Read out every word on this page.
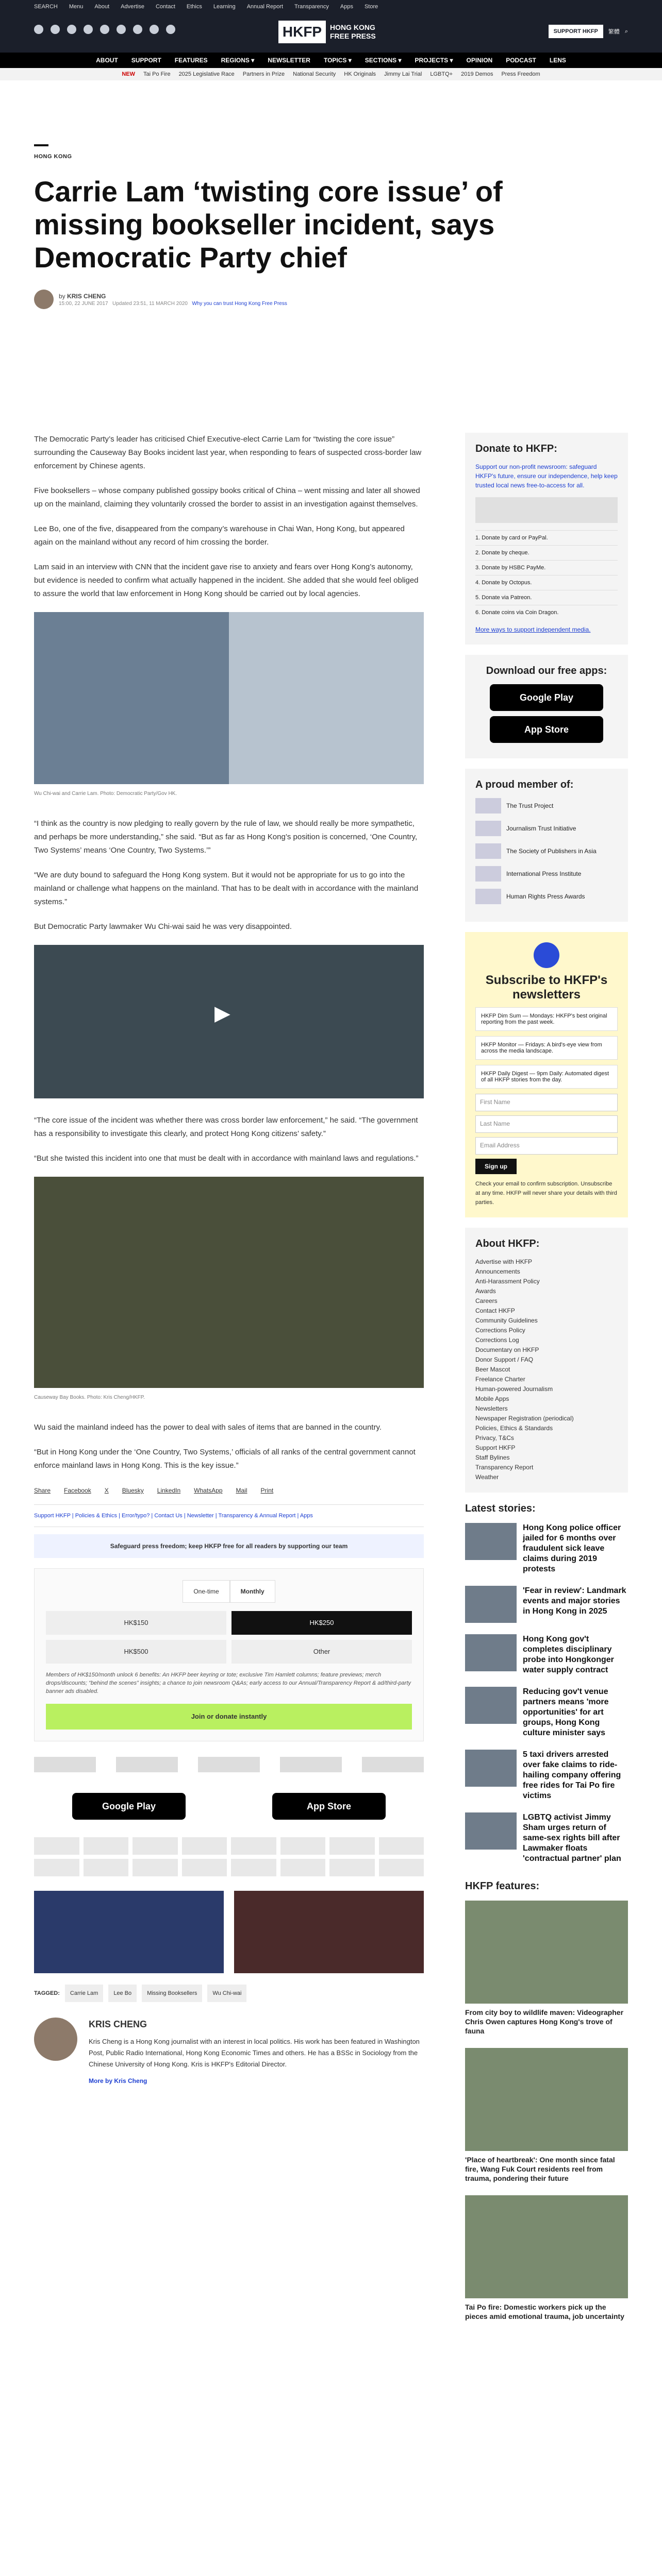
SEARCH Menu About Advertise Contact Ethics Learning Annual Report Transparency Apps Store
HKFP	HONG KONG
FREE PRESS
SUPPORT HKFP	繁體 ⌕
ABOUT SUPPORT FEATURES REGIONS ▾ NEWSLETTER TOPICS ▾ SECTIONS ▾ PROJECTS ▾ OPINION PODCAST LENS
NEW Tai Po Fire 2025 Legislative Race Partners in Prize National Security HK Originals Jimmy Lai Trial LGBTQ+ 2019 Demos Press Freedom
HONG KONG
Carrie Lam ‘twisting core issue’ of missing bookseller incident, says Democratic Party chief
by KRIS CHENG
15:00, 22 JUNE 2017 Updated 23:51, 11 MARCH 2020 Why you can trust Hong Kong Free Press

The Democratic Party’s leader has criticised Chief Executive-elect Carrie Lam for “twisting the core issue” surrounding the Causeway Bay Books incident last year, when responding to fears of suspected cross-border law enforcement by Chinese agents.

Five booksellers – whose company published gossipy books critical of China – went missing and later all showed up on the mainland, claiming they voluntarily crossed the border to assist in an investigation against themselves.

Lee Bo, one of the five, disappeared from the company’s warehouse in Chai Wan, Hong Kong, but appeared again on the mainland without any record of him crossing the border.

Lam said in an interview with CNN that the incident gave rise to anxiety and fears over Hong Kong’s autonomy, but evidence is needed to confirm what actually happened in the incident. She added that she would feel obliged to assure the world that law enforcement in Hong Kong should be carried out by local agencies.

Wu Chi-wai and Carrie Lam. Photo: Democratic Party/Gov HK.

“I think as the country is now pledging to really govern by the rule of law, we should really be more sympathetic, and perhaps be more understanding,” she said. “But as far as Hong Kong’s position is concerned, ‘One Country, Two Systems’ means ‘One Country, Two Systems.’”

“We are duty bound to safeguard the Hong Kong system. But it would not be appropriate for us to go into the mainland or challenge what happens on the mainland. That has to be dealt with in accordance with the mainland systems.”

But Democratic Party lawmaker Wu Chi-wai said he was very disappointed.

▶

“The core issue of the incident was whether there was cross border law enforcement,” he said. “The government has a responsibility to investigate this clearly, and protect Hong Kong citizens’ safety.”

“But she twisted this incident into one that must be dealt with in accordance with mainland laws and regulations.”

Causeway Bay Books. Photo: Kris Cheng/HKFP.

Wu said the mainland indeed has the power to deal with sales of items that are banned in the country.

“But in Hong Kong under the ‘One Country, Two Systems,’ officials of all ranks of the central government cannot enforce mainland laws in Hong Kong. This is the key issue.”

Share Facebook X Bluesky LinkedIn WhatsApp Mail Print
Support HKFP | Policies & Ethics | Error/typo? | Contact Us | Newsletter | Transparency & Annual Report | Apps
Safeguard press freedom; keep HKFP free for all readers by supporting our team
One-time	Monthly
HK$150	HK$250
HK$500	Other
Members of HK$150/month unlock 6 benefits: An HKFP beer keyring or tote; exclusive Tim Hamlett columns; feature previews; merch drops/discounts; “behind the scenes” insights; a chance to join newsroom Q&As; early access to our Annual/Transparency Report & ad/third-party banner ads disabled.
Join or donate instantly
Google Play	App Store
TAGGED:	Carrie Lam	Lee Bo	Missing Booksellers	Wu Chi-wai
KRIS CHENG
Kris Cheng is a Hong Kong journalist with an interest in local politics. His work has been featured in Washington Post, Public Radio International, Hong Kong Economic Times and others. He has a BSSc in Sociology from the Chinese University of Hong Kong. Kris is HKFP's Editorial Director.
More by Kris Cheng
Donate to HKFP:
Support our non-profit newsroom: safeguard HKFP's future, ensure our independence, help keep trusted local news free-to-access for all.
1. Donate by card or PayPal.
2. Donate by cheque.
3. Donate by HSBC PayMe.
4. Donate by Octopus.
5. Donate via Patreon.
6. Donate coins via Coin Dragon.
More ways to support independent media.
Download our free apps:
Google Play
App Store
A proud member of:
The Trust Project
Journalism Trust Initiative
The Society of Publishers in Asia
International Press Institute
Human Rights Press Awards
Subscribe to HKFP's newsletters
HKFP Dim Sum — Mondays: HKFP's best original reporting from the past week.
HKFP Monitor — Fridays: A bird's-eye view from across the media landscape.
HKFP Daily Digest — 9pm Daily: Automated digest of all HKFP stories from the day.
First Name
Last Name
Email Address
Sign up
Check your email to confirm subscription. Unsubscribe at any time. HKFP will never share your details with third parties.
About HKFP:
Advertise with HKFP
Announcements
Anti-Harassment Policy
Awards
Careers
Contact HKFP
Community Guidelines
Corrections Policy
Corrections Log
Documentary on HKFP
Donor Support / FAQ
Beer Mascot
Freelance Charter
Human-powered Journalism
Mobile Apps
Newsletters
Newspaper Registration (periodical)
Policies, Ethics & Standards
Privacy, T&Cs
Support HKFP
Staff Bylines
Transparency Report
Weather
Latest stories:
Hong Kong police officer jailed for 6 months over fraudulent sick leave claims during 2019 protests
'Fear in review': Landmark events and major stories in Hong Kong in 2025
Hong Kong gov't completes disciplinary probe into Hongkonger water supply contract
Reducing gov't venue partners means 'more opportunities' for art groups, Hong Kong culture minister says
5 taxi drivers arrested over fake claims to ride-hailing company offering free rides for Tai Po fire victims
LGBTQ activist Jimmy Sham urges return of same-sex rights bill after Lawmaker floats 'contractual partner' plan
HKFP features:
From city boy to wildlife maven: Videographer Chris Owen captures Hong Kong's trove of fauna
'Place of heartbreak': One month since fatal fire, Wang Fuk Court residents reel from trauma, pondering their future
Tai Po fire: Domestic workers pick up the pieces amid emotional trauma, job uncertainty
